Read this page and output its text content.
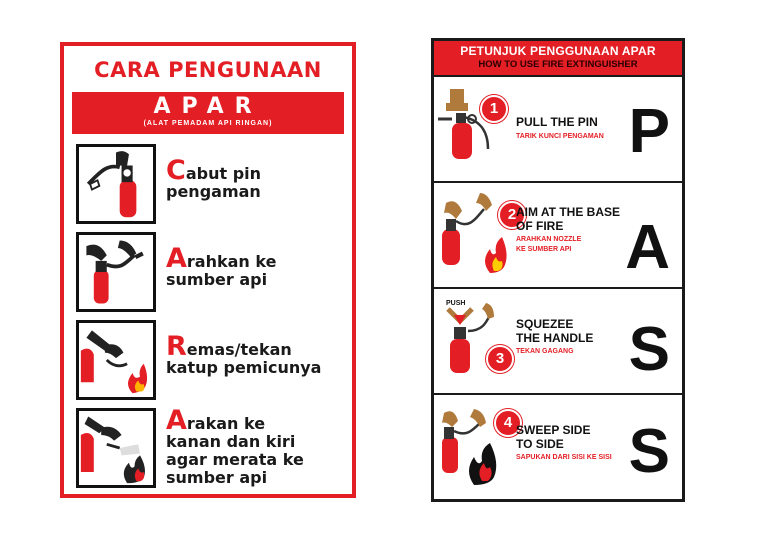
CARA PENGUNAAN
APAR
(ALAT PEMADAM API RINGAN)
Cabut pin
pengaman
Arahkan ke
sumber api
Remas/tekan
katup pemicunya
Arakan ke
kanan dan kiri
agar merata ke
sumber api
PETUNJUK PENGGUNAAN APAR
HOW TO USE FIRE EXTINGUISHER
1
PULL THE PIN
TARIK KUNCI PENGAMAN P
2 AIM AT THE BASE
OF FIRE
ARAHKAN NOZZLE
KE SUMBER API A
PUSH
3
SQUEZEE
THE HANDLE
TEKAN GAGANG S
4 SWEEP SIDE
TO SIDE
SAPUKAN DARI SISI KE SISI S
